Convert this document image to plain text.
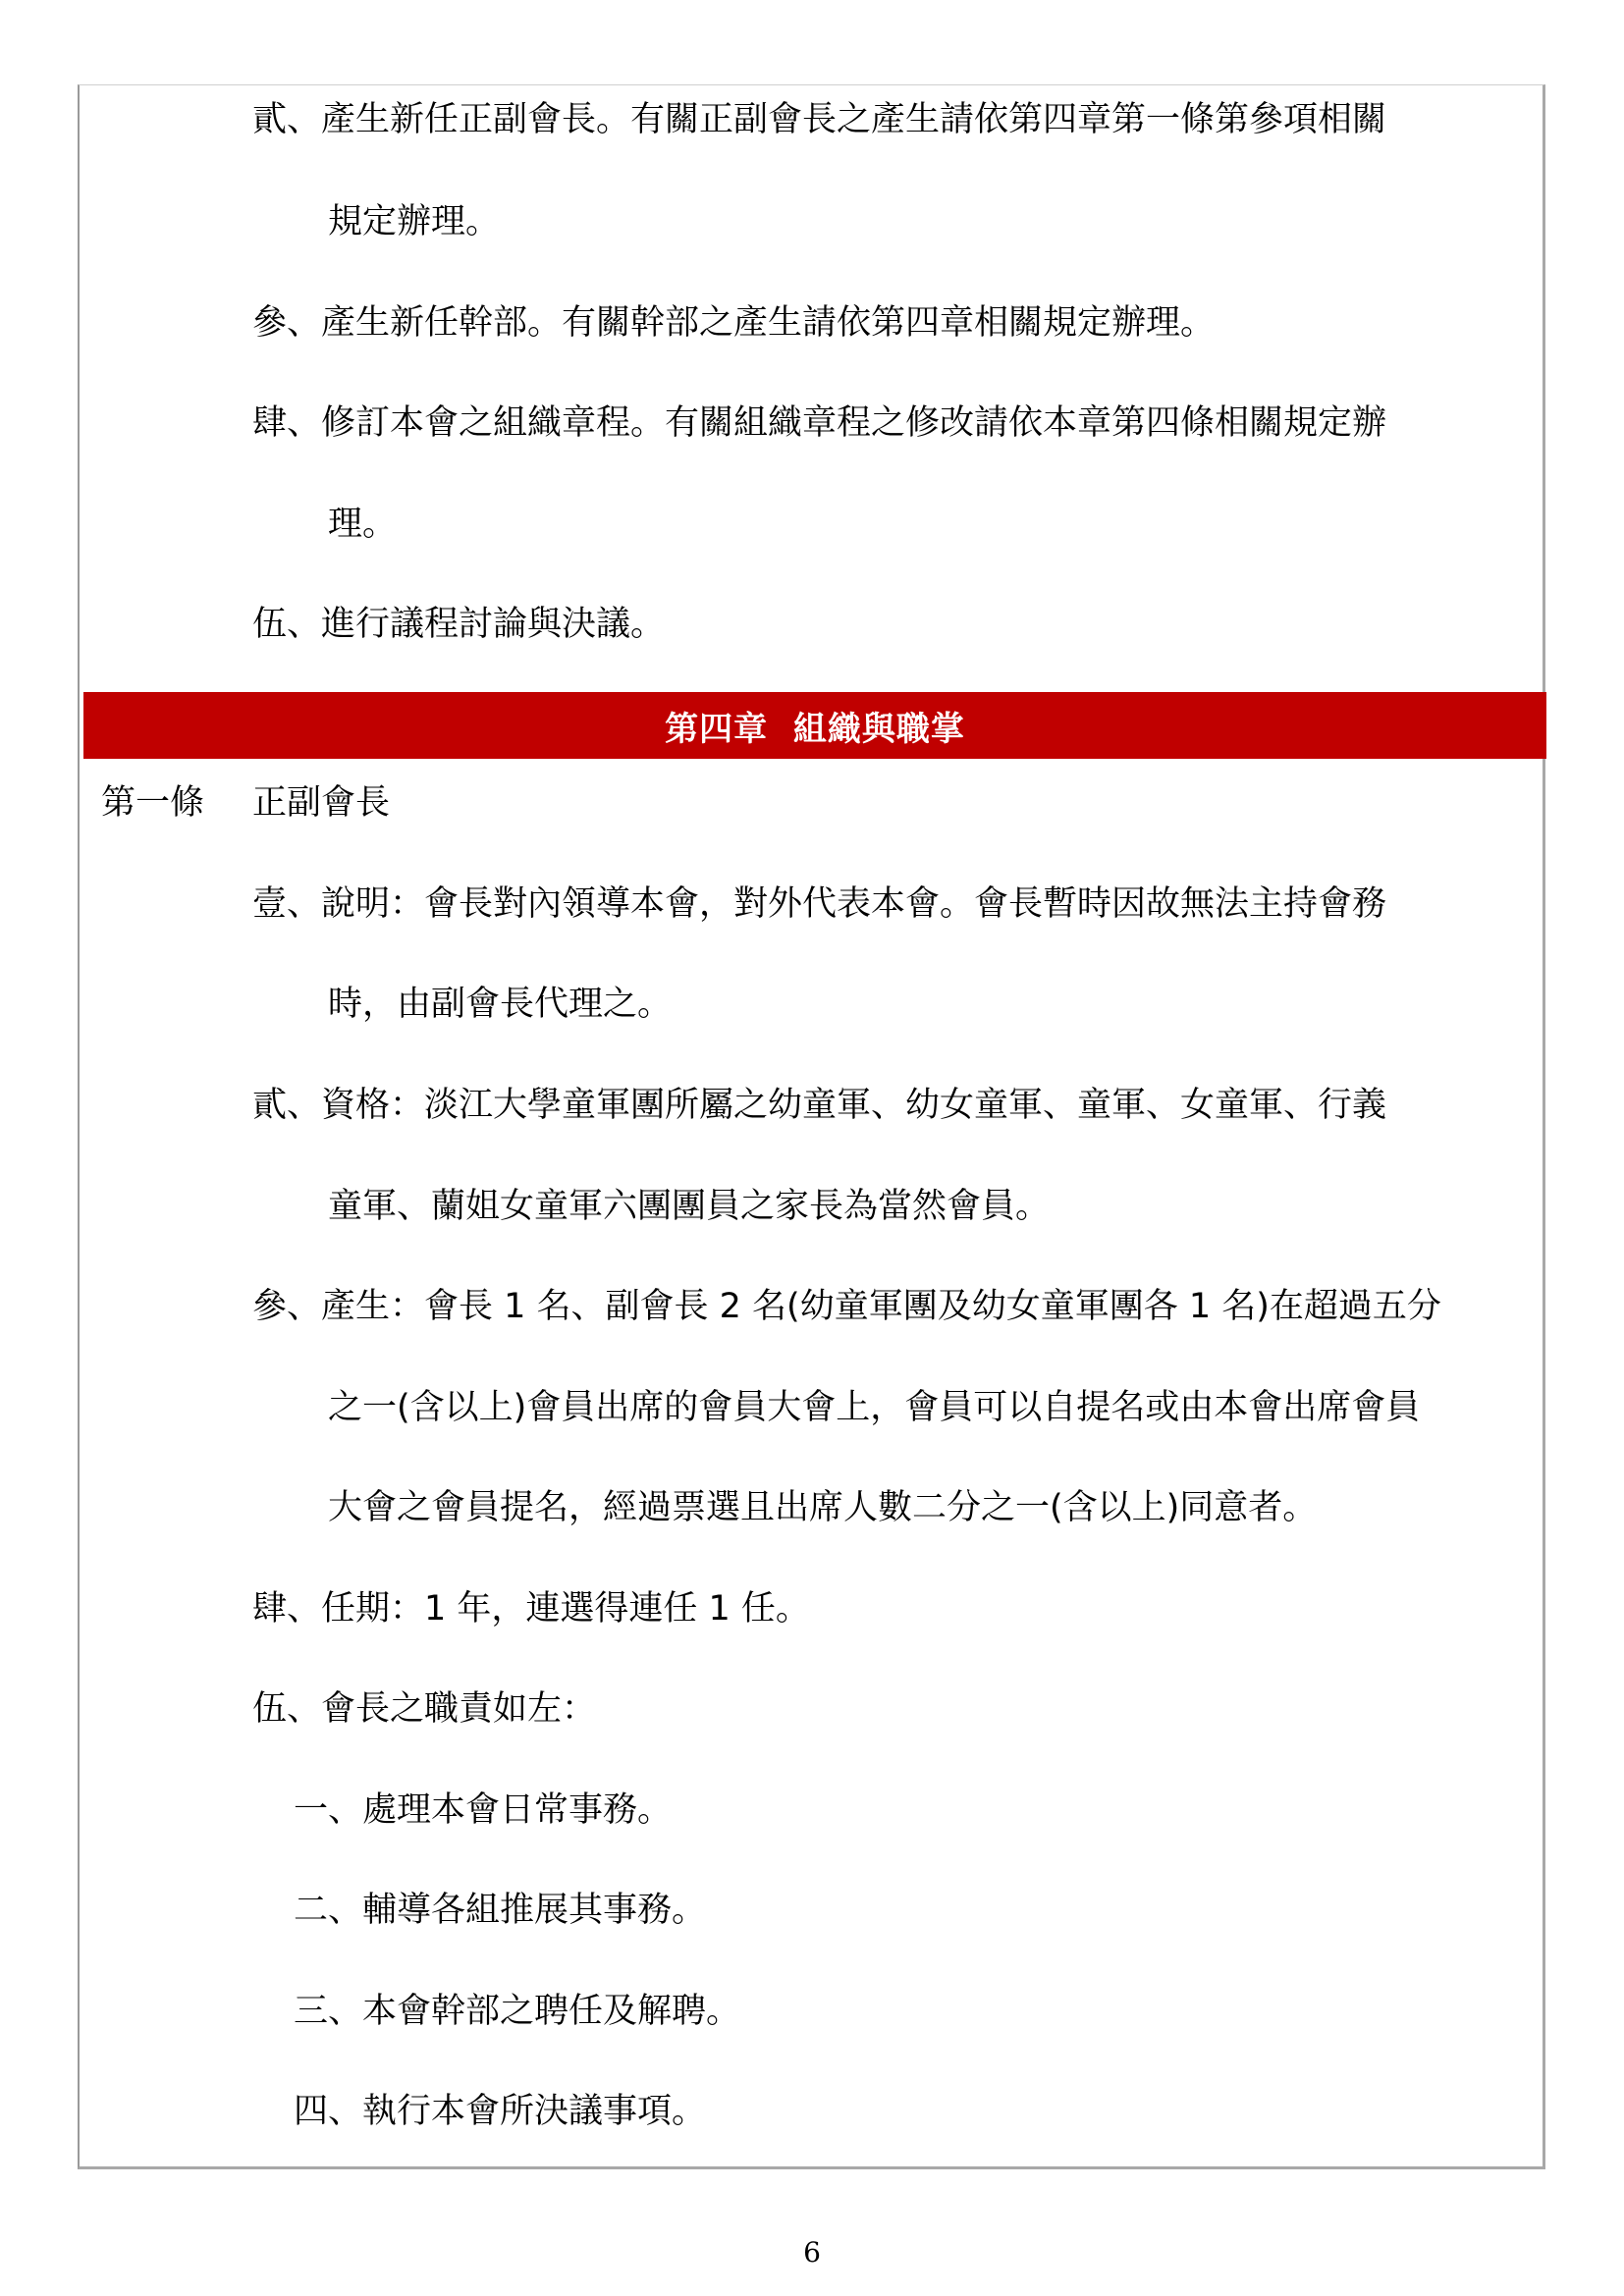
貳、產生新任正副會長。有關正副會長之產生請依第四章第一條第參項相關
規定辦理。
參、產生新任幹部。有關幹部之產生請依第四章相關規定辦理。
肆、修訂本會之組織章程。有關組織章程之修改請依本章第四條相關規定辦
理。
伍、進行議程討論與決議。
第四章  組織與職掌
第一條 正副會長
壹、說明：會長對內領導本會，對外代表本會。會長暫時因故無法主持會務
時，由副會長代理之。
貳、資格：淡江大學童軍團所屬之幼童軍、幼女童軍、童軍、女童軍、行義
童軍、蘭姐女童軍六團團員之家長為當然會員。
參、產生：會長 1 名、副會長 2 名(幼童軍團及幼女童軍團各 1 名)在超過五分
之一(含以上)會員出席的會員大會上，會員可以自提名或由本會出席會員
大會之會員提名，經過票選且出席人數二分之一(含以上)同意者。
肆、任期：1 年，連選得連任 1 任。
伍、會長之職責如左：
一、處理本會日常事務。
二、輔導各組推展其事務。
三、本會幹部之聘任及解聘。
四、執行本會所決議事項。
6
